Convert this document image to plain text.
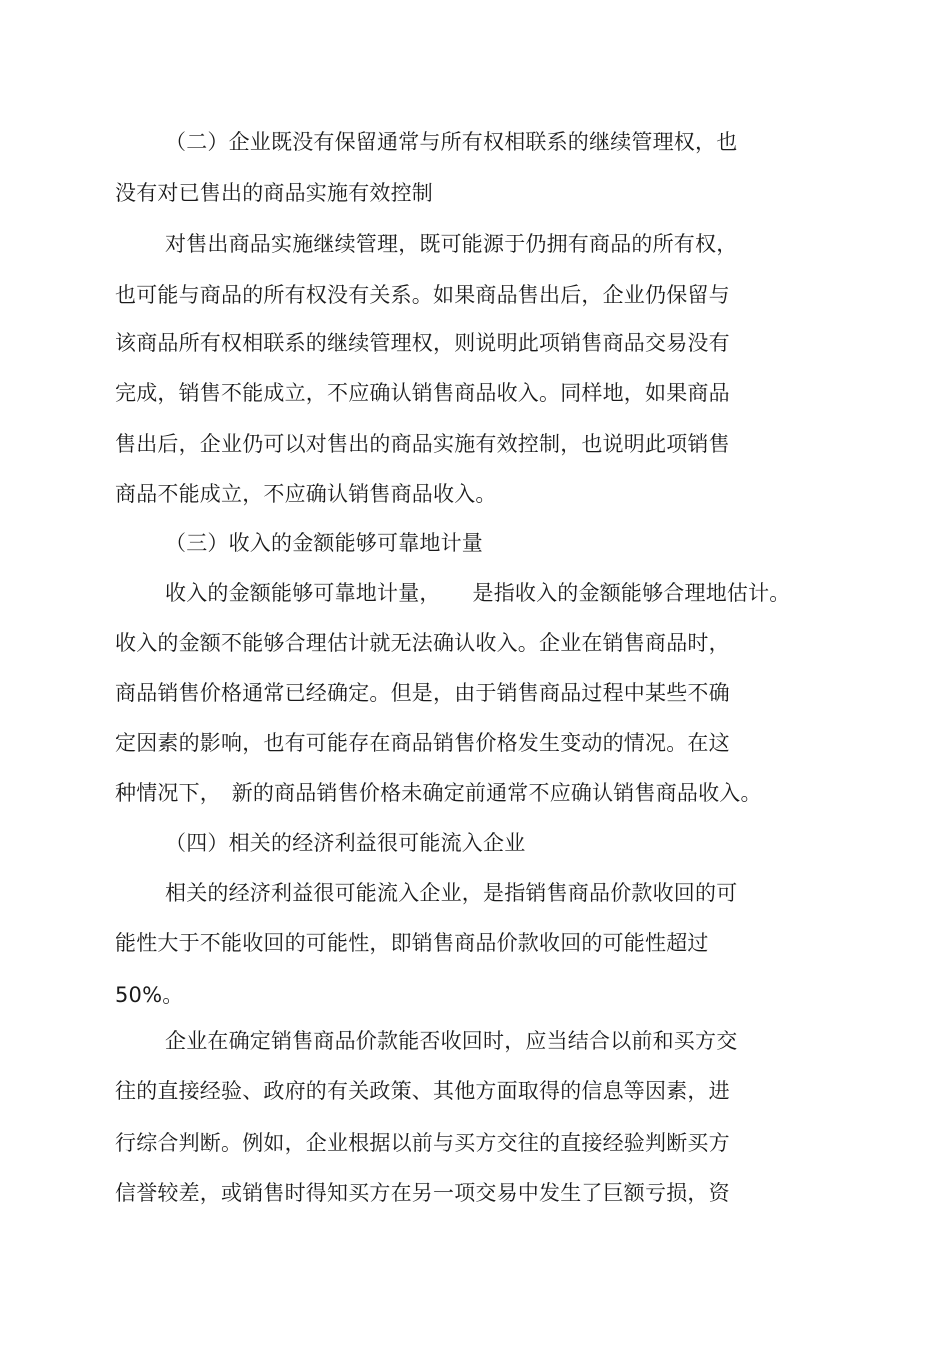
（二）企业既没有保留通常与所有权相联系的继续管理权，也
没有对已售出的商品实施有效控制
对售出商品实施继续管理，既可能源于仍拥有商品的所有权，
也可能与商品的所有权没有关系。如果商品售出后，企业仍保留与
该商品所有权相联系的继续管理权，则说明此项销售商品交易没有
完成，销售不能成立，不应确认销售商品收入。同样地，如果商品
售出后，企业仍可以对售出的商品实施有效控制，也说明此项销售
商品不能成立，不应确认销售商品收入。
（三）收入的金额能够可靠地计量
收入的金额能够可靠地计量，　　是指收入的金额能够合理地估计。
收入的金额不能够合理估计就无法确认收入。企业在销售商品时，
商品销售价格通常已经确定。但是，由于销售商品过程中某些不确
定因素的影响，也有可能存在商品销售价格发生变动的情况。在这
种情况下，　新的商品销售价格未确定前通常不应确认销售商品收入。
（四）相关的经济利益很可能流入企业
相关的经济利益很可能流入企业，是指销售商品价款收回的可
能性大于不能收回的可能性，即销售商品价款收回的可能性超过
50%。
企业在确定销售商品价款能否收回时，应当结合以前和买方交
往的直接经验、政府的有关政策、其他方面取得的信息等因素，进
行综合判断。例如，企业根据以前与买方交往的直接经验判断买方
信誉较差，或销售时得知买方在另一项交易中发生了巨额亏损，资
